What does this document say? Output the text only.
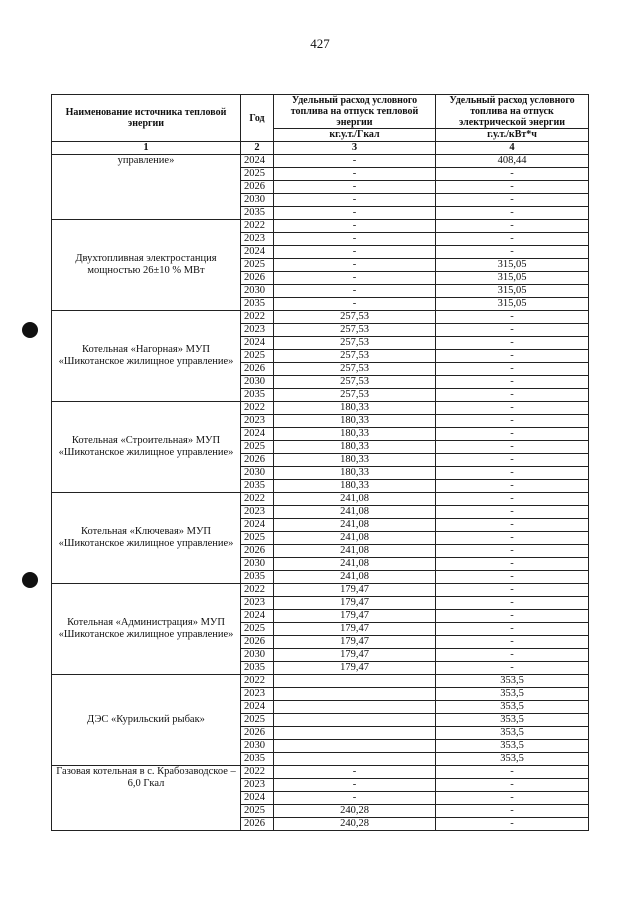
427
Наименование источника тепловой энергии	Год	Удельный расход условного топлива на отпуск тепловой энергии	Удельный расход условного топлива на отпуск электрической энергии
		кг.у.т./Гкал	г.у.т./кВт*ч
1	2	3	4
управление»	2024	-	408,44
	2025	-	-
	2026	-	-
	2030	-	-
	2035	-	-
Двухтопливная электростанция мощностью 26±10 % МВт	2022	-	-
	2023	-	-
	2024	-	-
	2025	-	315,05
	2026	-	315,05
	2030	-	315,05
	2035	-	315,05
Котельная «Нагорная» МУП «Шикотанское жилищное управление»	2022	257,53	-
	2023	257,53	-
	2024	257,53	-
	2025	257,53	-
	2026	257,53	-
	2030	257,53	-
	2035	257,53	-
Котельная «Строительная» МУП «Шикотанское жилищное управление»	2022	180,33	-
	2023	180,33	-
	2024	180,33	-
	2025	180,33	-
	2026	180,33	-
	2030	180,33	-
	2035	180,33	-
Котельная «Ключевая» МУП «Шикотанское жилищное управление»	2022	241,08	-
	2023	241,08	-
	2024	241,08	-
	2025	241,08	-
	2026	241,08	-
	2030	241,08	-
	2035	241,08	-
Котельная «Администрация» МУП «Шикотанское жилищное управление»	2022	179,47	-
	2023	179,47	-
	2024	179,47	-
	2025	179,47	-
	2026	179,47	-
	2030	179,47	-
	2035	179,47	-
ДЭС «Курильский рыбак»	2022		353,5
	2023		353,5
	2024		353,5
	2025		353,5
	2026		353,5
	2030		353,5
	2035		353,5
Газовая котельная в с. Крабозаводское – 6,0 Гкал	2022	-	-
	2023	-	-
	2024	-	-
	2025	240,28	-
	2026	240,28	-
